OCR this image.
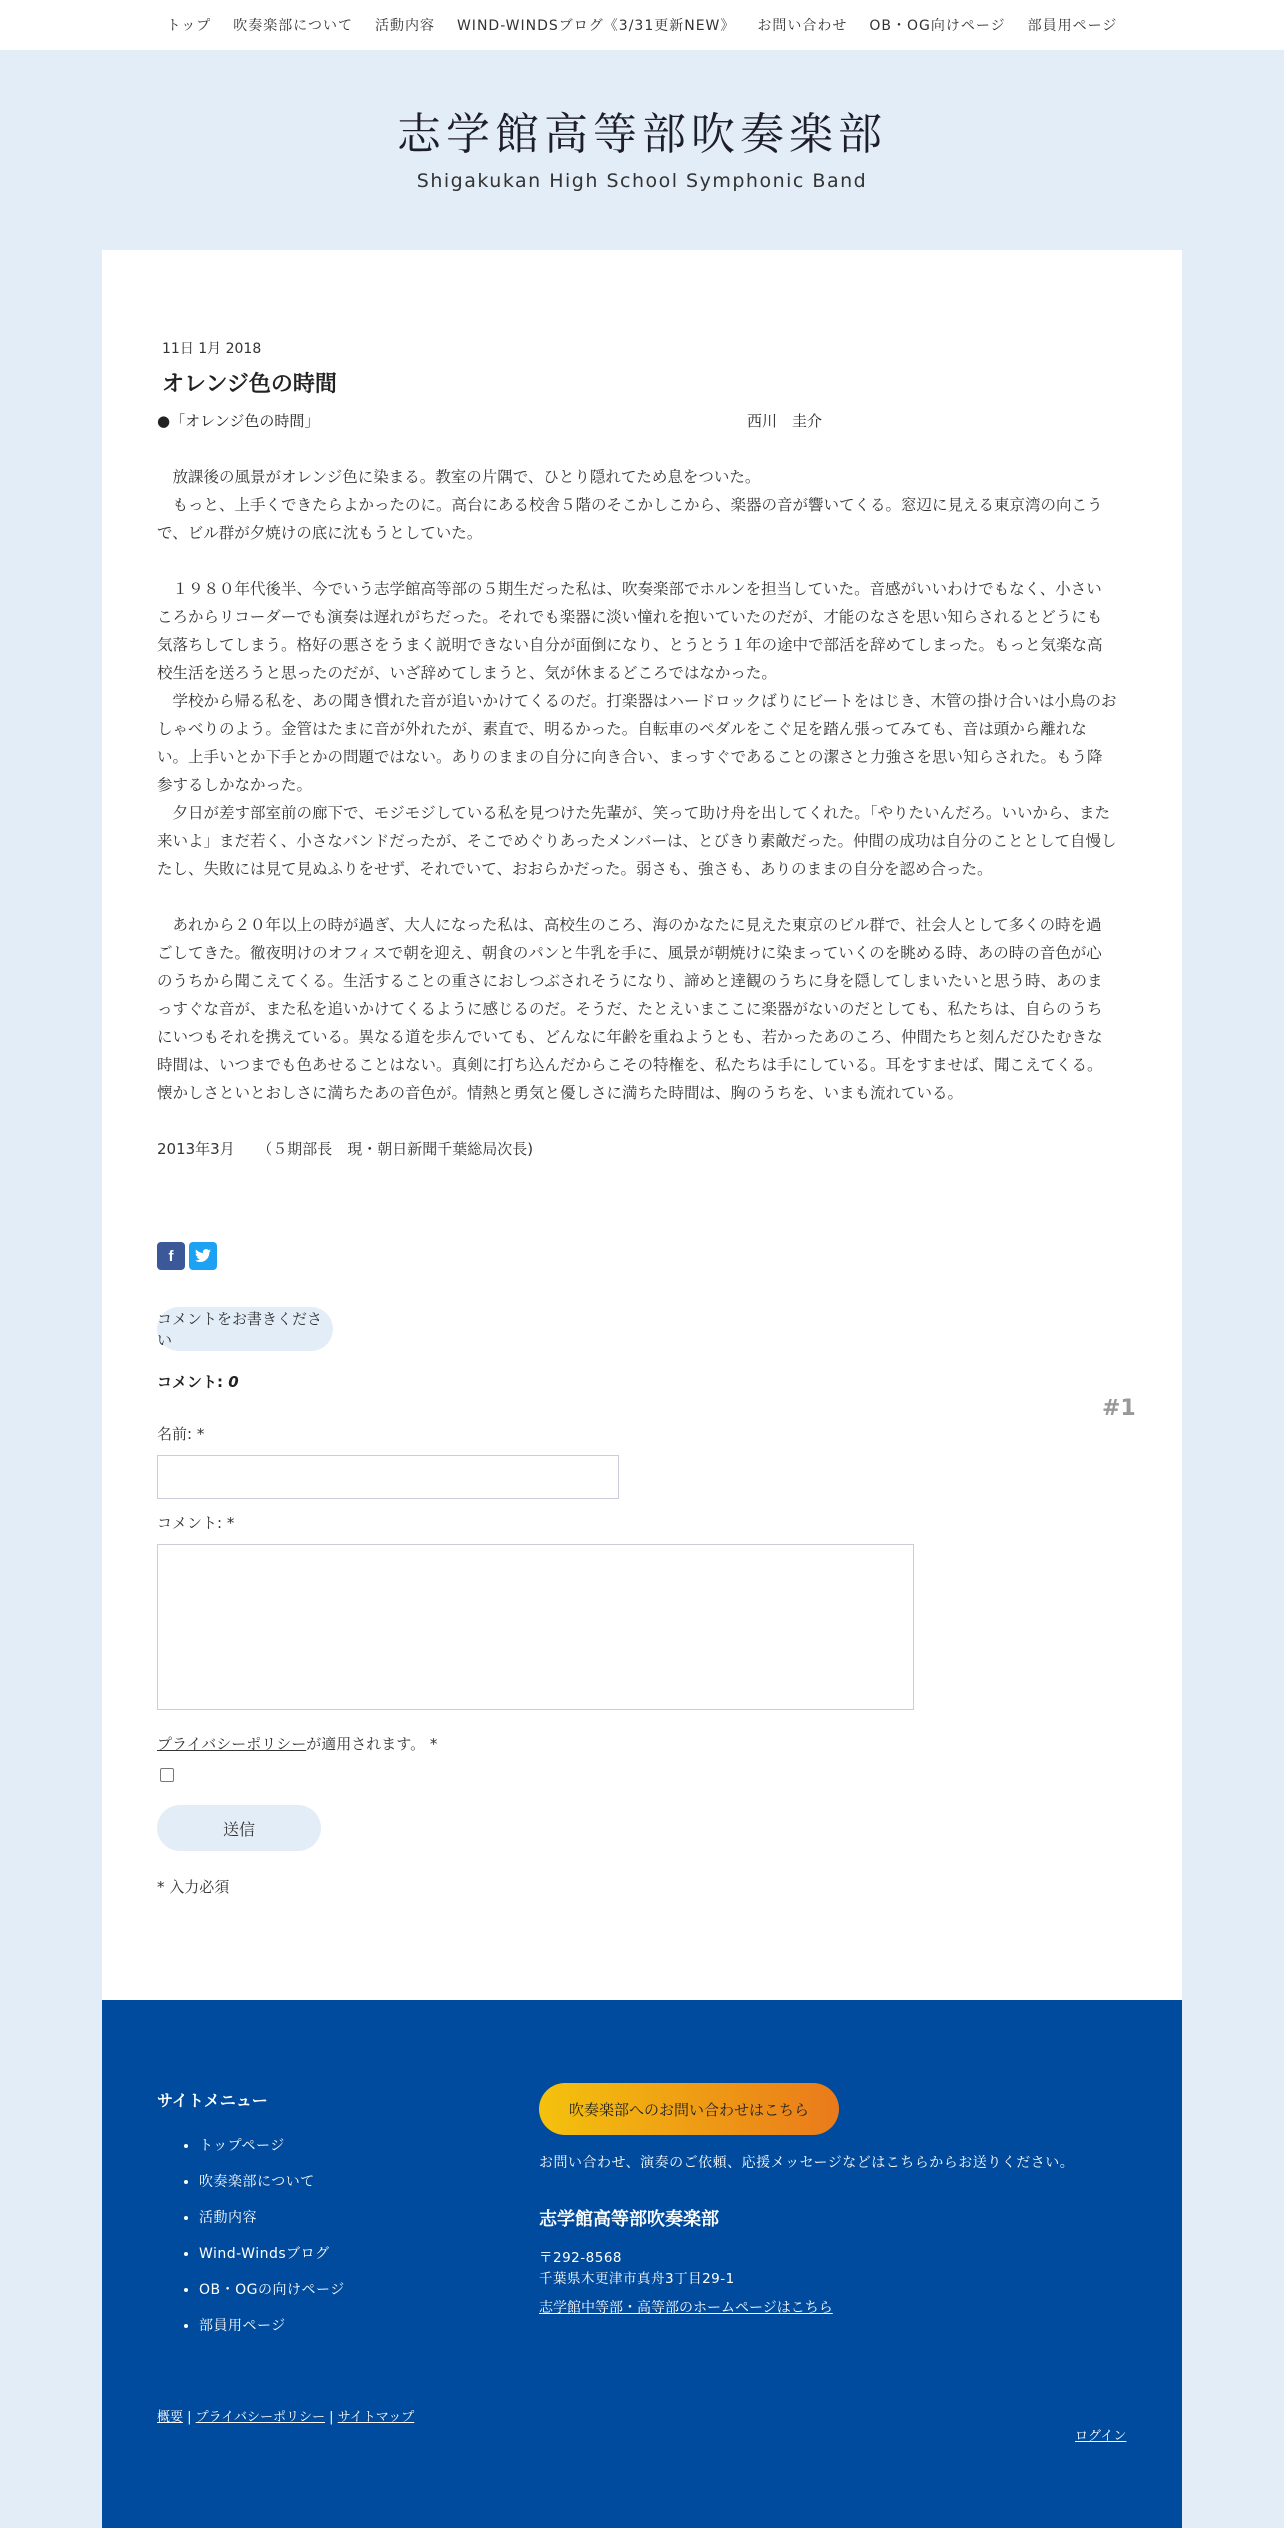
トップ 吹奏楽部について 活動内容 WIND-WINDSブログ《3/31更新NEW》 お問い合わせ OB・OG向けページ 部員用ページ
志学館高等部吹奏楽部
Shigakukan High School Symphonic Band
11日 1月 2018
オレンジ色の時間
●「オレンジ色の時間」	西川　圭介

　放課後の風景がオレンジ色に染まる。教室の片隅で、ひとり隠れてため息をついた。

　もっと、上手くできたらよかったのに。高台にある校舎５階のそこかしこから、楽器の音が響いてくる。窓辺に見える東京湾の向こうで、ビル群が夕焼けの底に沈もうとしていた。

　１９８０年代後半、今でいう志学館高等部の５期生だった私は、吹奏楽部でホルンを担当していた。音感がいいわけでもなく、小さいころからリコーダーでも演奏は遅れがちだった。それでも楽器に淡い憧れを抱いていたのだが、才能のなさを思い知らされるとどうにも気落ちしてしまう。格好の悪さをうまく説明できない自分が面倒になり、とうとう１年の途中で部活を辞めてしまった。もっと気楽な高校生活を送ろうと思ったのだが、いざ辞めてしまうと、気が休まるどころではなかった。

　学校から帰る私を、あの聞き慣れた音が追いかけてくるのだ。打楽器はハードロックばりにビートをはじき、木管の掛け合いは小鳥のおしゃべりのよう。金管はたまに音が外れたが、素直で、明るかった。自転車のペダルをこぐ足を踏ん張ってみても、音は頭から離れない。上手いとか下手とかの問題ではない。ありのままの自分に向き合い、まっすぐであることの潔さと力強さを思い知らされた。もう降参するしかなかった。

　夕日が差す部室前の廊下で、モジモジしている私を見つけた先輩が、笑って助け舟を出してくれた。「やりたいんだろ。いいから、また来いよ」まだ若く、小さなバンドだったが、そこでめぐりあったメンバーは、とびきり素敵だった。仲間の成功は自分のこととして自慢したし、失敗には見て見ぬふりをせず、それでいて、おおらかだった。弱さも、強さも、ありのままの自分を認め合った。

　あれから２０年以上の時が過ぎ、大人になった私は、高校生のころ、海のかなたに見えた東京のビル群で、社会人として多くの時を過ごしてきた。徹夜明けのオフィスで朝を迎え、朝食のパンと牛乳を手に、風景が朝焼けに染まっていくのを眺める時、あの時の音色が心のうちから聞こえてくる。生活することの重さにおしつぶされそうになり、諦めと達観のうちに身を隠してしまいたいと思う時、あのまっすぐな音が、また私を追いかけてくるように感じるのだ。そうだ、たとえいまここに楽器がないのだとしても、私たちは、自らのうちにいつもそれを携えている。異なる道を歩んでいても、どんなに年齢を重ねようとも、若かったあのころ、仲間たちと刻んだひたむきな時間は、いつまでも色あせることはない。真剣に打ち込んだからこその特権を、私たちは手にしている。耳をすませば、聞こえてくる。懐かしさといとおしさに満ちたあの音色が。情熱と勇気と優しさに満ちた時間は、胸のうちを、いまも流れている。

2013年3月　　（５期部長　現・朝日新聞千葉総局次長)
f
コメントをお書きください
コメント: 0
#1
名前: *
コメント: *
プライバシーポリシーが適用されます。 *
送信
* 入力必須
サイトメニュー
• トップページ
• 吹奏楽部について
• 活動内容
• Wind-Windsブログ
• OB・OGの向けページ
• 部員用ページ
吹奏楽部へのお問い合わせはこちら
お問い合わせ、演奏のご依頼、応援メッセージなどはこちらからお送りください。
志学館高等部吹奏楽部
〒292-8568
千葉県木更津市真舟3丁目29-1
志学館中等部・高等部のホームページはこちら
概要 | プライバシーポリシー | サイトマップ
ログイン
